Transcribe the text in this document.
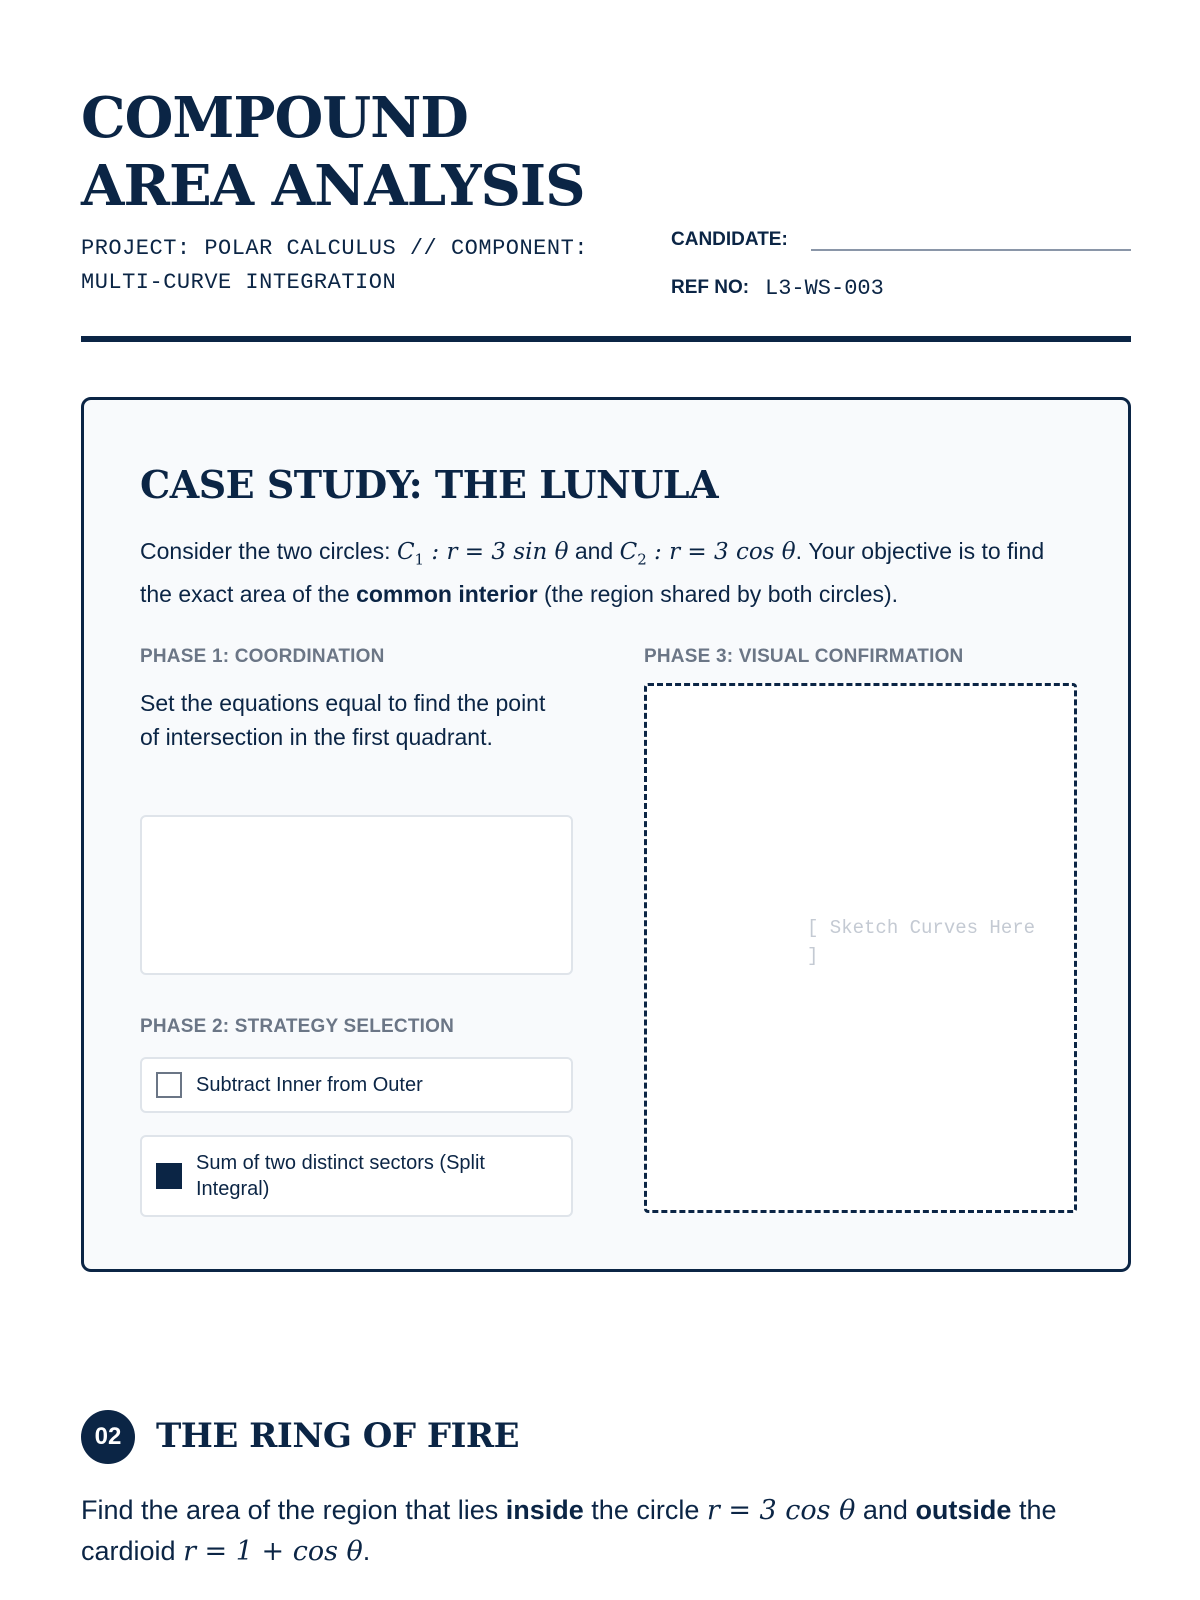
COMPOUND AREA ANALYSIS
PROJECT: POLAR CALCULUS // COMPONENT: MULTI-CURVE INTEGRATION
CANDIDATE:
REF NO: L3-WS-003
CASE STUDY: THE LUNULA

Consider the two circles: $C_1$ : r = 3 sin θ and $C_2$ : r = 3 cos θ. Your objective is to find the exact area of the common interior (the region shared by both circles).

PHASE 1: COORDINATION

Set the equations equal to find the point of intersection in the first quadrant.

PHASE 2: STRATEGY SELECTION
Subtract Inner from Outer
Sum of two distinct sectors (Split Integral)
PHASE 3: VISUAL CONFIRMATION
[ Sketch Curves Here ]
02	THE RING OF FIRE

Find the area of the region that lies inside the circle r = 3 cos θ and outside the cardioid r = 1 + cos θ.
